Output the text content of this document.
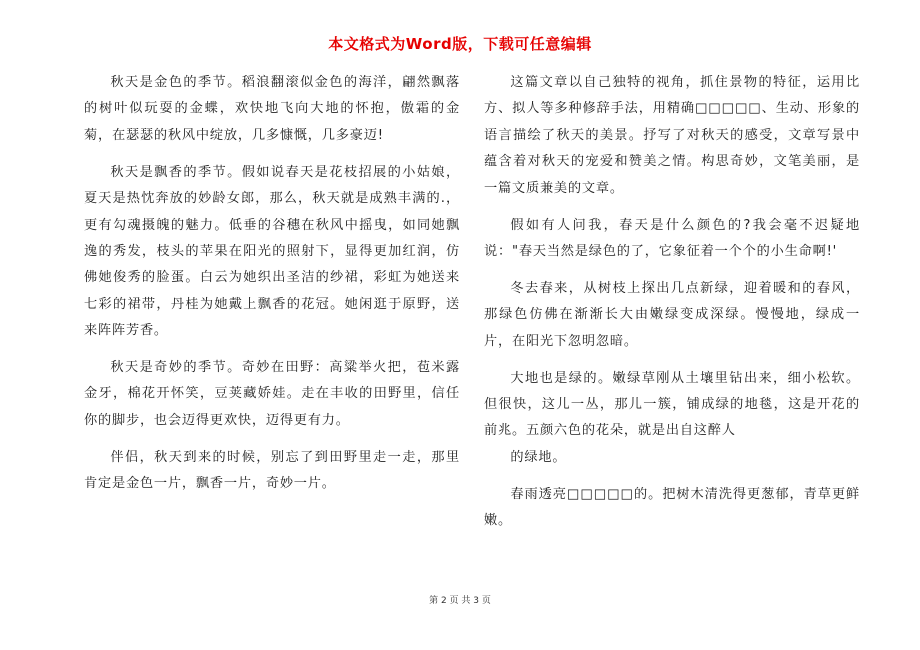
本文格式为Word版，下载可任意编辑

秋天是金色的季节。稻浪翻滚似金色的海洋，翩然飘落的树叶似玩耍的金蝶，欢快地飞向大地的怀抱，傲霜的金菊，在瑟瑟的秋风中绽放，几多慷慨，几多豪迈!

秋天是飘香的季节。假如说春天是花枝招展的小姑娘，夏天是热忱奔放的妙龄女郎，那么，秋天就是成熟丰满的.，更有勾魂摄魄的魅力。低垂的谷穗在秋风中摇曳，如同她飘逸的秀发，枝头的苹果在阳光的照射下，显得更加红润，仿佛她俊秀的脸蛋。白云为她织出圣洁的纱裙，彩虹为她送来七彩的裙带，丹桂为她戴上飘香的花冠。她闲逛于原野，送来阵阵芳香。

秋天是奇妙的季节。奇妙在田野：高粱举火把，苞米露金牙，棉花开怀笑，豆荚藏娇娃。走在丰收的田野里，信任你的脚步，也会迈得更欢快，迈得更有力。

伴侣，秋天到来的时候，别忘了到田野里走一走，那里肯定是金色一片，飘香一片，奇妙一片。

这篇文章以自己独特的视角，抓住景物的特征，运用比方、拟人等多种修辞手法，用精确□□□□□、生动、形象的语言描绘了秋天的美景。抒写了对秋天的感受，文章写景中蕴含着对秋天的宠爱和赞美之情。构思奇妙，文笔美丽，是一篇文质兼美的文章。

假如有人问我，春天是什么颜色的?我会毫不迟疑地说："春天当然是绿色的了，它象征着一个个的小生命啊!'

冬去春来，从树枝上探出几点新绿，迎着暖和的春风，那绿色仿佛在渐渐长大由嫩绿变成深绿。慢慢地，绿成一片，在阳光下忽明忽暗。

大地也是绿的。嫩绿草刚从土壤里钻出来，细小松软。但很快，这儿一丛，那儿一簇，铺成绿的地毯，这是开花的前兆。五颜六色的花朵，就是出自这醉人

的绿地。

春雨透亮□□□□□的。把树木清洗得更葱郁，青草更鲜嫩。

第 2 页 共 3 页
